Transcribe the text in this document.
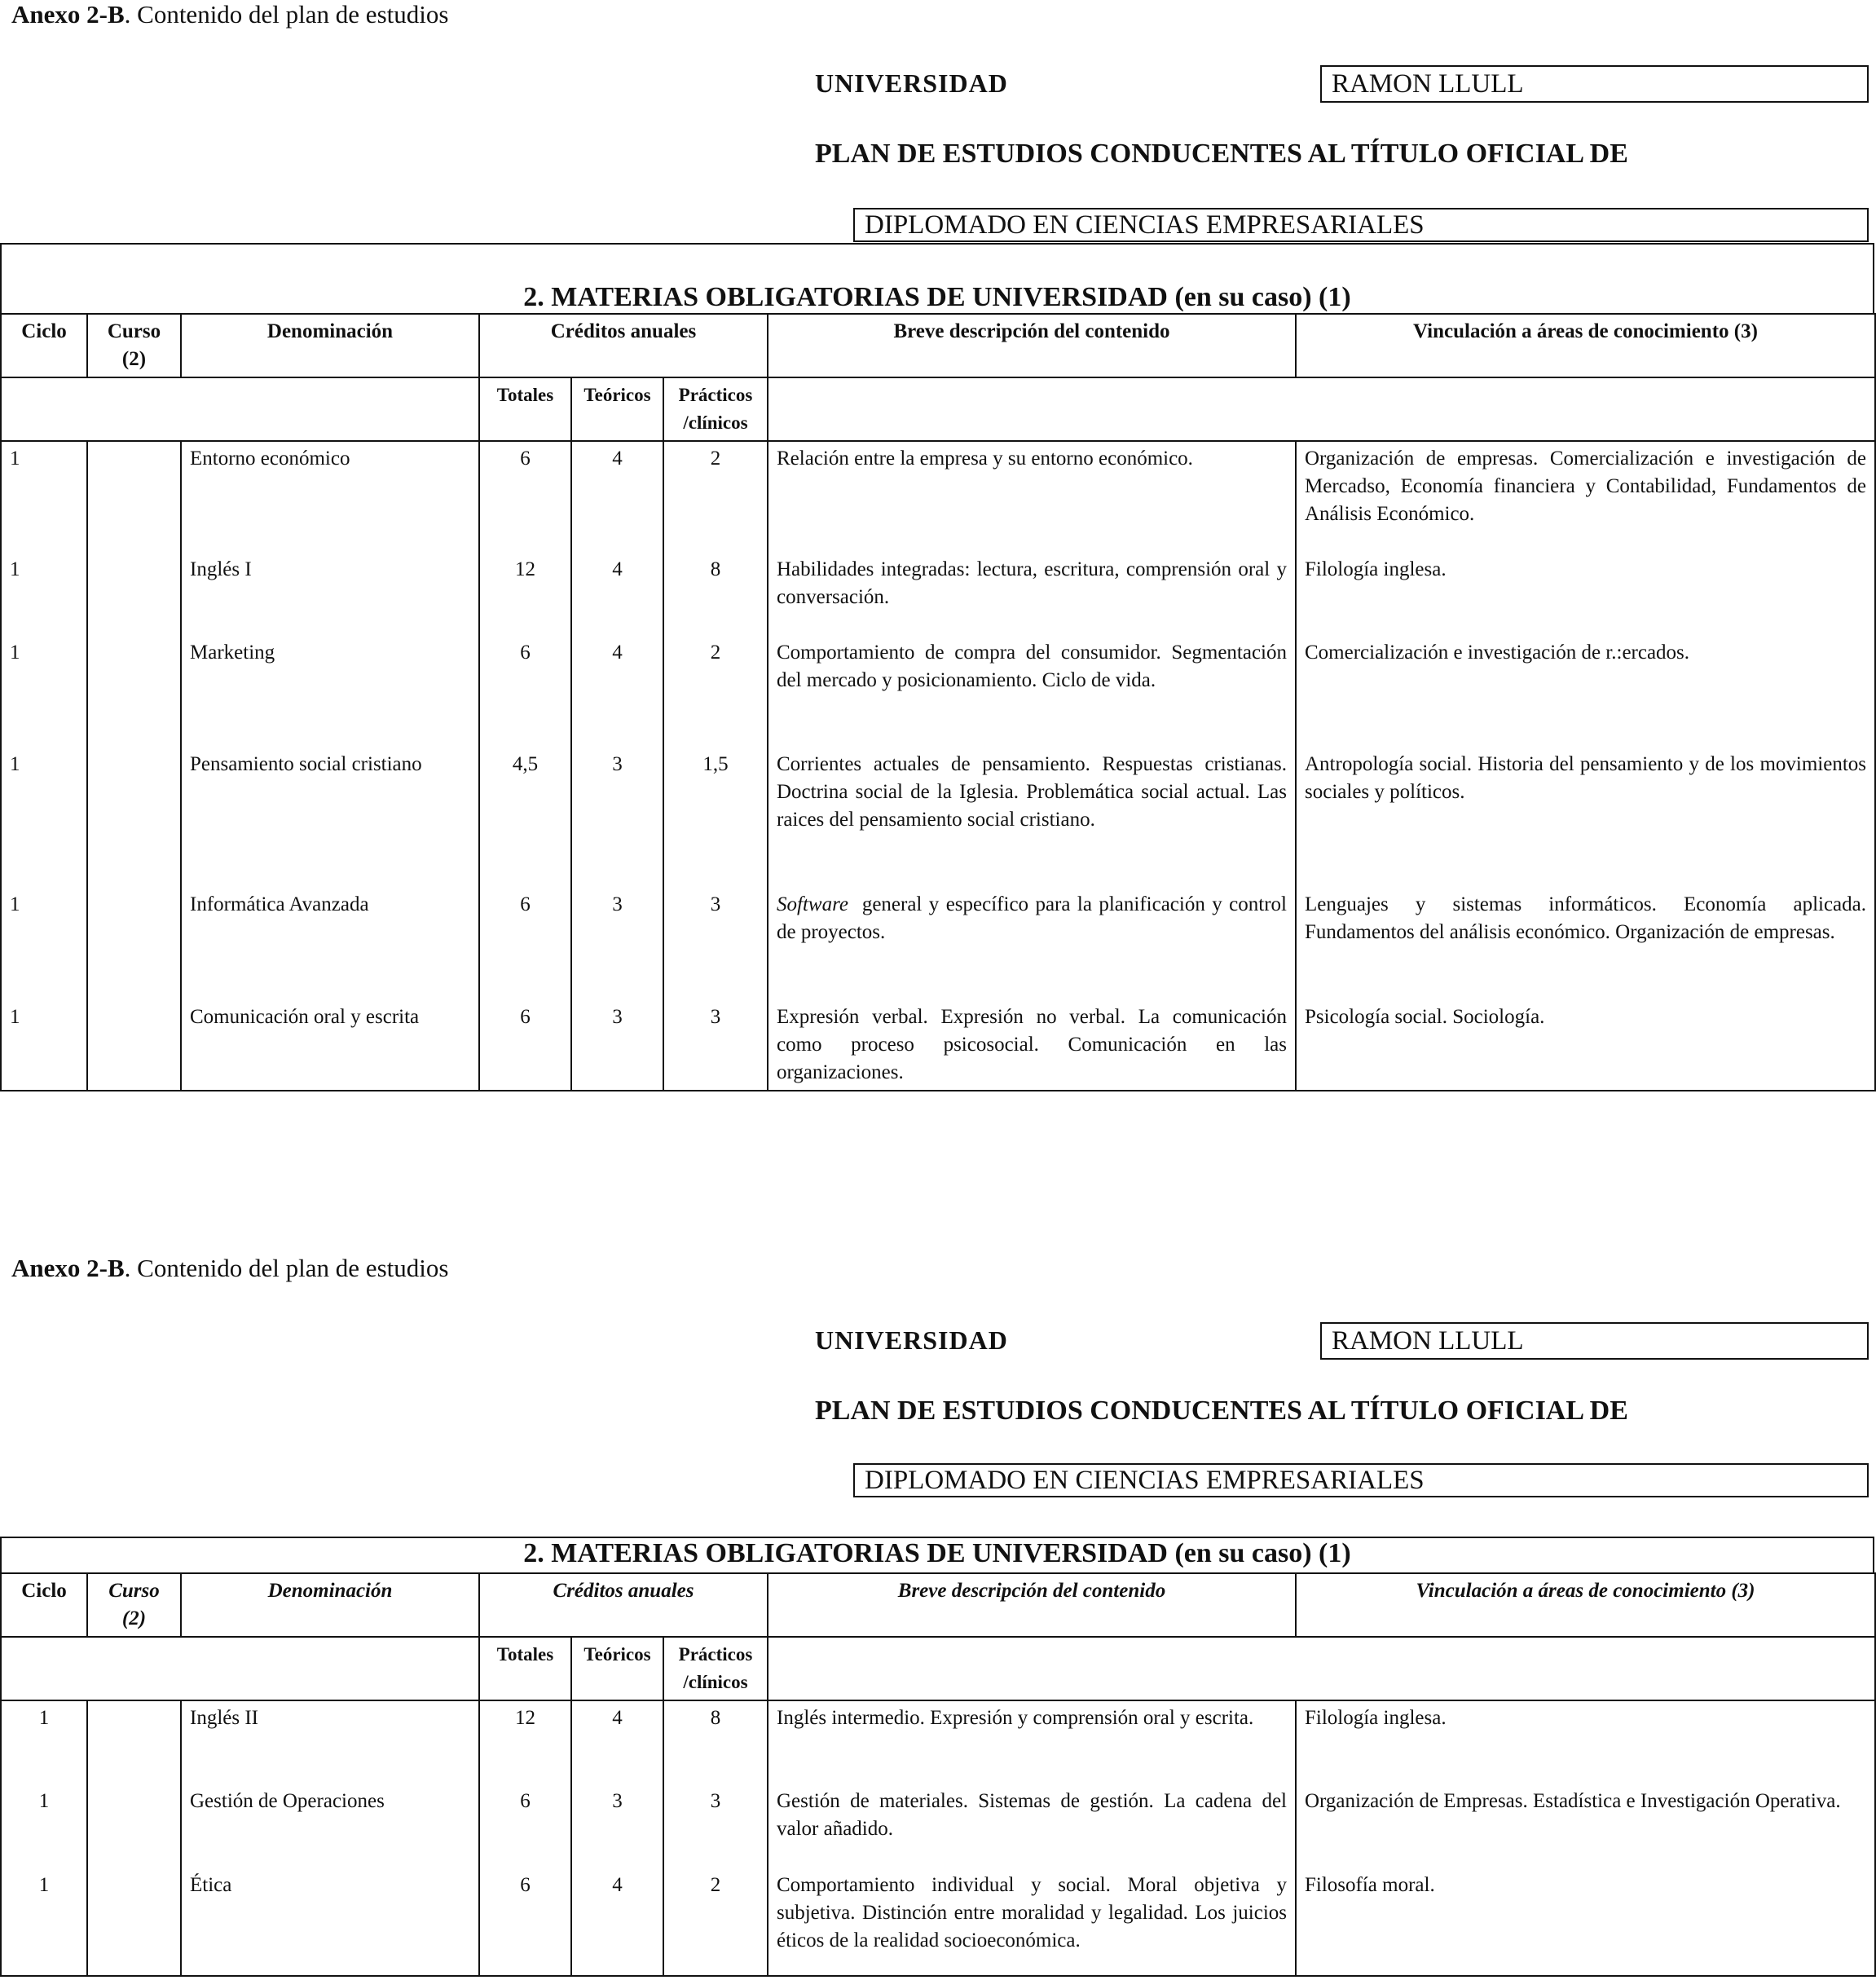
Anexo 2-B. Contenido del plan de estudios
UNIVERSIDAD	RAMON LLULL
PLAN DE ESTUDIOS CONDUCENTES AL TÍTULO OFICIAL DE
DIPLOMADO EN CIENCIAS EMPRESARIALES
2. MATERIAS OBLIGATORIAS DE UNIVERSIDAD (en su caso) (1)
Ciclo	Curso (2)	Denominación	Créditos anuales			Breve descripción del contenido	Vinculación a áreas de conocimiento (3)
			Totales	Teóricos	Prácticos /clínicos		
1		Entorno económico	6	4	2	Relación entre la empresa y su entorno económico.	Organización de empresas. Comercialización e investigación de Mercadso, Economía financiera y Contabilidad, Fundamentos de Análisis Económico.
1		Inglés I	12	4	8	Habilidades integradas: lectura, escritura, comprensión oral y conversación.	Filología inglesa.
1		Marketing	6	4	2	Comportamiento de compra del consumidor. Segmentación del mercado y posicionamiento. Ciclo de vida.	Comercialización e investigación de r.:ercados.
1		Pensamiento social cristiano	4,5	3	1,5	Corrientes actuales de pensamiento. Respuestas cristianas. Doctrina social de la Iglesia. Problemática social actual. Las raices del pensamiento social cristiano.	Antropología social. Historia del pensamiento y de los movimientos sociales y políticos.
1		Informática Avanzada	6	3	3	Software general y específico para la planificación y control de proyectos.	Lenguajes y sistemas informáticos. Economía aplicada. Fundamentos del análisis económico. Organización de empresas.
1		Comunicación oral y escrita	6	3	3	Expresión verbal. Expresión no verbal. La comunicación como proceso psicosocial. Comunicación en las organizaciones.	Psicología social. Sociología.
Anexo 2-B. Contenido del plan de estudios
UNIVERSIDAD	RAMON LLULL
PLAN DE ESTUDIOS CONDUCENTES AL TÍTULO OFICIAL DE
DIPLOMADO EN CIENCIAS EMPRESARIALES
2. MATERIAS OBLIGATORIAS DE UNIVERSIDAD (en su caso) (1)
Ciclo	Curso (2)	Denominación	Créditos anuales			Breve descripción del contenido	Vinculación a áreas de conocimiento (3)
			Totales	Teóricos	Prácticos /clínicos		
1		Inglés II	12	4	8	Inglés intermedio. Expresión y comprensión oral y escrita.	Filología inglesa.
1		Gestión de Operaciones	6	3	3	Gestión de materiales. Sistemas de gestión. La cadena del valor añadido.	Organización de Empresas. Estadística e Investigación Operativa.
1		Ética	6	4	2	Comportamiento individual y social. Moral objetiva y subjetiva. Distinción entre moralidad y legalidad. Los juicios éticos de la realidad socioeconómica.	Filosofía moral.
